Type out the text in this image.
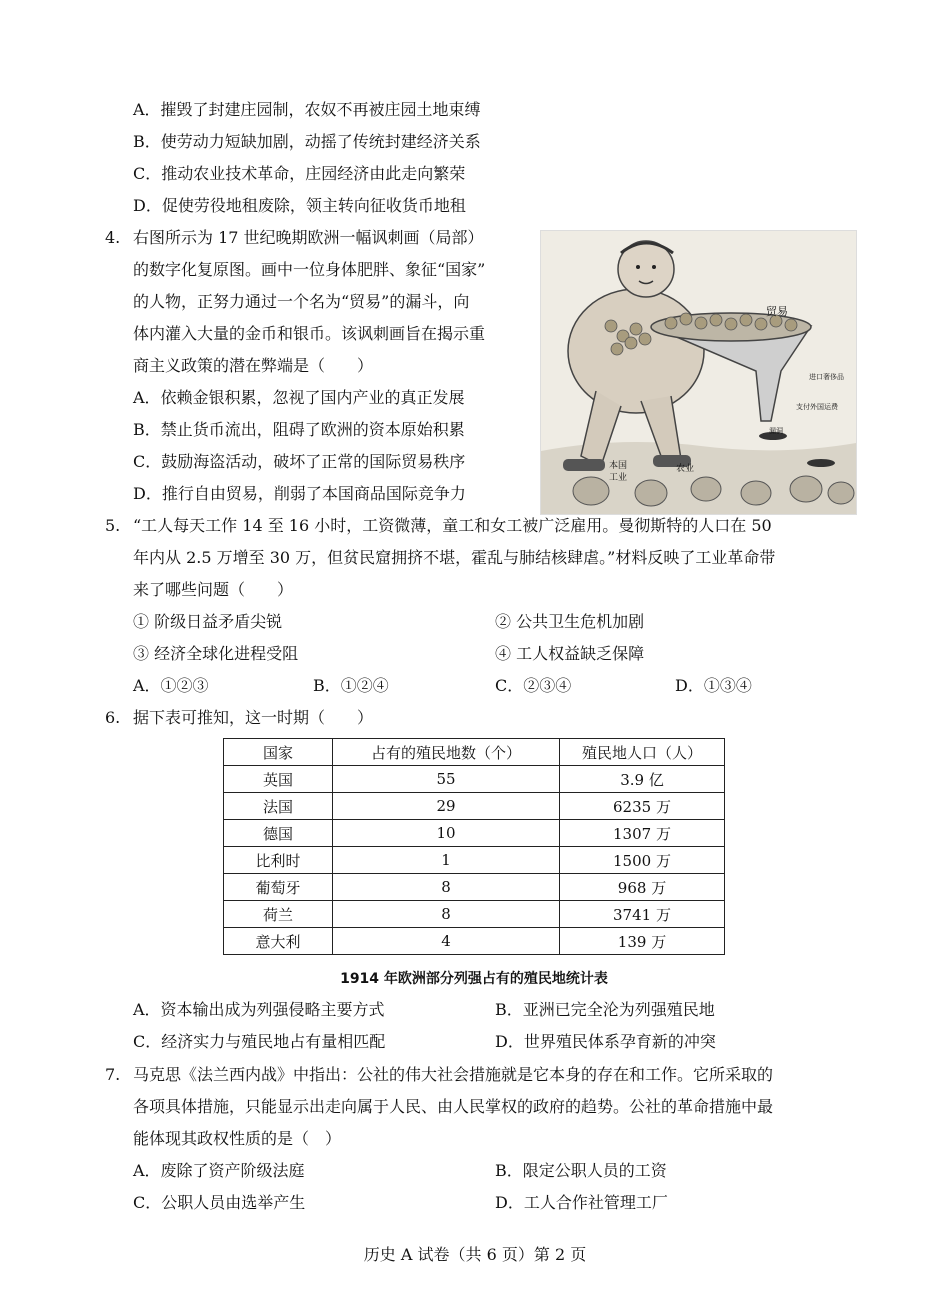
A．摧毁了封建庄园制，农奴不再被庄园土地束缚
B．使劳动力短缺加剧，动摇了传统封建经济关系
C．推动农业技术革命，庄园经济由此走向繁荣
D．促使劳役地租废除，领主转向征收货币地租
4. 右图所示为 17 世纪晚期欧洲一幅讽刺画（局部）
的数字化复原图。画中一位身体肥胖、象征“国家”
的人物，正努力通过一个名为“贸易”的漏斗，向
体内灌入大量的金币和银币。该讽刺画旨在揭示重
商主义政策的潜在弊端是（　　）
A．依赖金银积累，忽视了国内产业的真正发展
B．禁止货币流出，阻碍了欧洲的资本原始积累
C．鼓励海盗活动，破坏了正常的国际贸易秩序
D．推行自由贸易，削弱了本国商品国际竞争力
贸易
进口奢侈品
支付外国运费
漏洞
本国
工业
农业
5. “工人每天工作 14 至 16 小时，工资微薄，童工和女工被广泛雇用。曼彻斯特的人口在 50
年内从 2.5 万增至 30 万，但贫民窟拥挤不堪，霍乱与肺结核肆虐。”材料反映了工业革命带
来了哪些问题（　　）
① 阶级日益矛盾尖锐	② 公共卫生危机加剧
③ 经济全球化进程受阻	④ 工人权益缺乏保障
A．①②③	B．①②④	C．②③④	D．①③④
6. 据下表可推知，这一时期（　　）
国家	占有的殖民地数（个）	殖民地人口（人）
英国	55	3.9 亿
法国	29	6235 万
德国	10	1307 万
比利时	1	1500 万
葡萄牙	8	968 万
荷兰	8	3741 万
意大利	4	139 万
1914 年欧洲部分列强占有的殖民地统计表
A．资本输出成为列强侵略主要方式	B．亚洲已完全沦为列强殖民地
C．经济实力与殖民地占有量相匹配	D．世界殖民体系孕育新的冲突
7. 马克思《法兰西内战》中指出：公社的伟大社会措施就是它本身的存在和工作。它所采取的
各项具体措施，只能显示出走向属于人民、由人民掌权的政府的趋势。公社的革命措施中最
能体现其政权性质的是（　）
A．废除了资产阶级法庭	B．限定公职人员的工资
C．公职人员由选举产生	D．工人合作社管理工厂
历史 A 试卷（共 6 页）第 2 页
